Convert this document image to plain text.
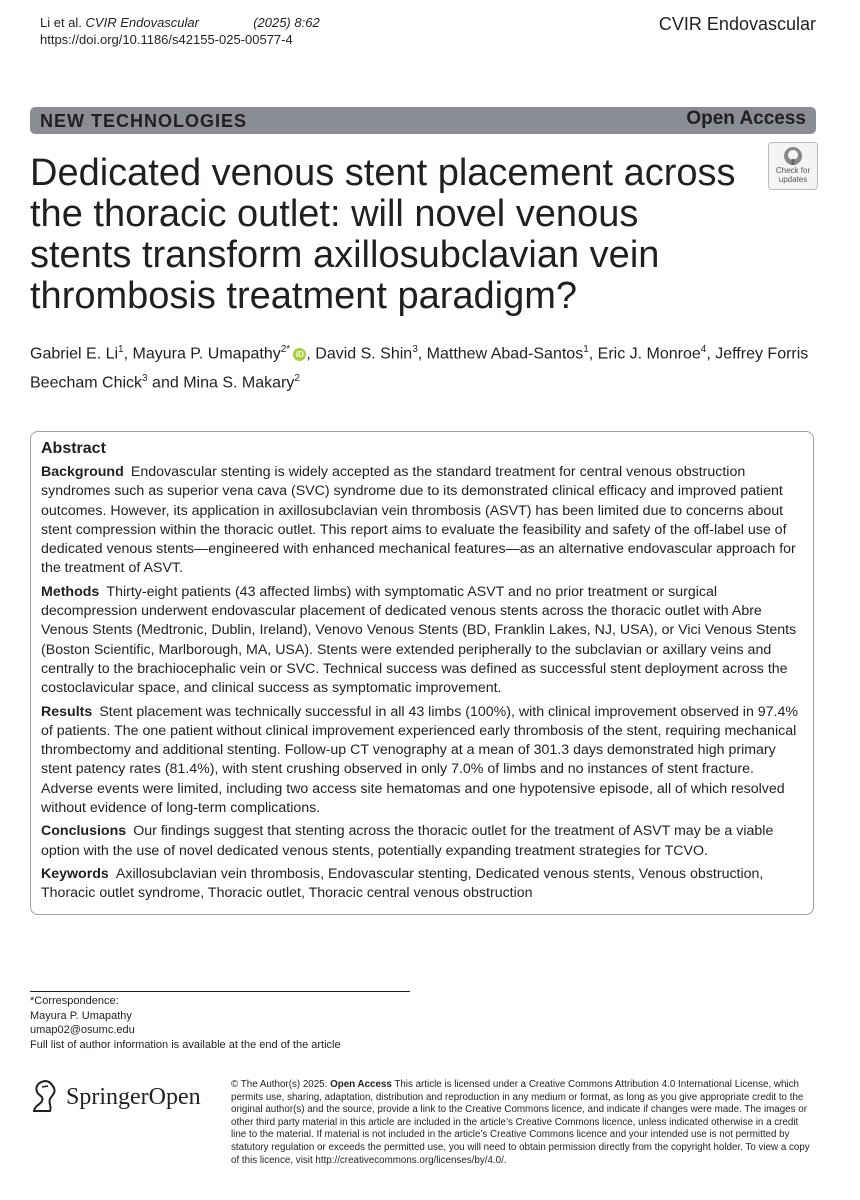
Li et al. CVIR Endovascular	(2025) 8:62
https://doi.org/10.1186/s42155-025-00577-4
CVIR Endovascular
NEW TECHNOLOGIES	Open Access
Dedicated venous stent placement across the thoracic outlet: will novel venous stents transform axillosubclavian vein thrombosis treatment paradigm?
Check for
updates
Gabriel E. Li$^1$, Mayura P. Umapathy$^{2*}$  iD , David S. Shin$^3$, Matthew Abad-Santos$^1$, Eric J. Monroe$^4$, Jeffrey Forris Beecham Chick$^3$ and Mina S. Makary$^2$
Abstract

Background  Endovascular stenting is widely accepted as the standard treatment for central venous obstruction syndromes such as superior vena cava (SVC) syndrome due to its demonstrated clinical efficacy and improved patient outcomes. However, its application in axillosubclavian vein thrombosis (ASVT) has been limited due to concerns about stent compression within the thoracic outlet. This report aims to evaluate the feasibility and safety of the off-label use of dedicated venous stents—engineered with enhanced mechanical features—as an alternative endovascular approach for the treatment of ASVT.

Methods  Thirty-eight patients (43 affected limbs) with symptomatic ASVT and no prior treatment or surgical decompression underwent endovascular placement of dedicated venous stents across the thoracic outlet with Abre Venous Stents (Medtronic, Dublin, Ireland), Venovo Venous Stents (BD, Franklin Lakes, NJ, USA), or Vici Venous Stents (Boston Scientific, Marlborough, MA, USA). Stents were extended peripherally to the subclavian or axillary veins and centrally to the brachiocephalic vein or SVC. Technical success was defined as successful stent deployment across the costoclavicular space, and clinical success as symptomatic improvement.

Results  Stent placement was technically successful in all 43 limbs (100%), with clinical improvement observed in 97.4% of patients. The one patient without clinical improvement experienced early thrombosis of the stent, requiring mechanical thrombectomy and additional stenting. Follow-up CT venography at a mean of 301.3 days demonstrated high primary stent patency rates (81.4%), with stent crushing observed in only 7.0% of limbs and no instances of stent fracture. Adverse events were limited, including two access site hematomas and one hypotensive episode, all of which resolved without evidence of long-term complications.

Conclusions  Our findings suggest that stenting across the thoracic outlet for the treatment of ASVT may be a viable option with the use of novel dedicated venous stents, potentially expanding treatment strategies for TCVO.

Keywords  Axillosubclavian vein thrombosis, Endovascular stenting, Dedicated venous stents, Venous obstruction, Thoracic outlet syndrome, Thoracic outlet, Thoracic central venous obstruction

*Correspondence:
Mayura P. Umapathy
umap02@osumc.edu
Full list of author information is available at the end of the article
SpringerOpen	© The Author(s) 2025. Open Access This article is licensed under a Creative Commons Attribution 4.0 International License, which permits use, sharing, adaptation, distribution and reproduction in any medium or format, as long as you give appropriate credit to the original author(s) and the source, provide a link to the Creative Commons licence, and indicate if changes were made. The images or other third party material in this article are included in the article’s Creative Commons licence, unless indicated otherwise in a credit line to the material. If material is not included in the article’s Creative Commons licence and your intended use is not permitted by statutory regulation or exceeds the permitted use, you will need to obtain permission directly from the copyright holder. To view a copy of this licence, visit http://creativecommons.org/licenses/by/4.0/.
